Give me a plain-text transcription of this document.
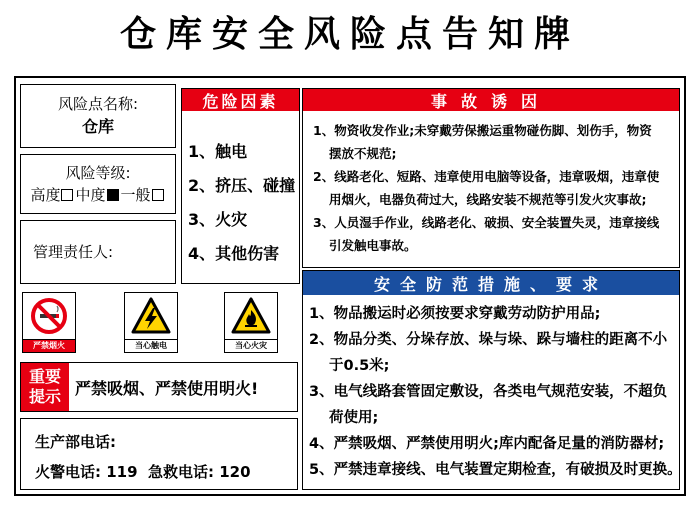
仓库安全风险点告知牌
风险点名称:
仓库
风险等级:
高度 中度 一般
管理责任人:
危险因素
1、触电
2、挤压、碰撞
3、火灾
4、其他伤害
事故诱因
1、物资收发作业;未穿戴劳保搬运重物碰伤脚、划伤手，物资
摆放不规范;
2、线路老化、短路、违章使用电脑等设备，违章吸烟，违章使
用烟火，电器负荷过大，线路安装不规范等引发火灾事故;
3、人员湿手作业，线路老化、破损、安全装置失灵，违章接线
引发触电事故。
安全防范措施、要求
1、物品搬运时必须按要求穿戴劳动防护用品;
2、物品分类、分垛存放、垛与垛、跺与墙柱的距离不小
于0.5米;
3、电气线路套管固定敷设，各类电气规范安装，不超负
荷使用;
4、严禁吸烟、严禁使用明火;库内配备足量的消防器材;
5、严禁违章接线、电气装置定期检查，有破损及时更换。
严禁烟火	当心触电	当心火灾
重要
提示 严禁吸烟、严禁使用明火!
生产部电话:
火警电话: 119 急救电话: 120
